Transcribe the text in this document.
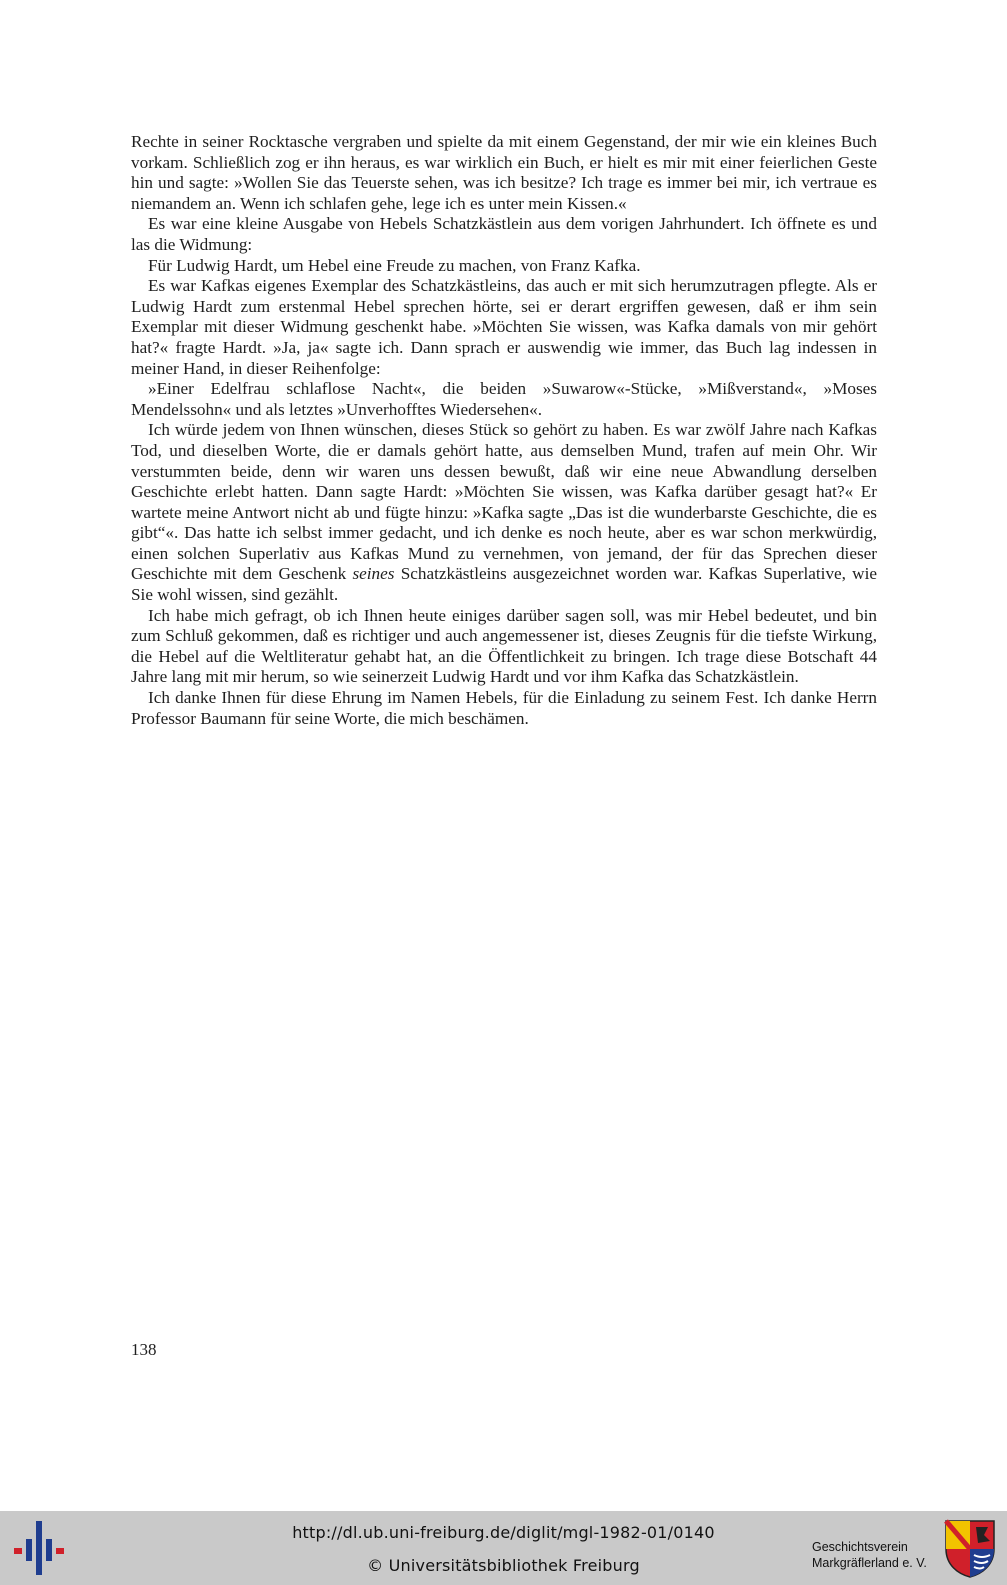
Rechte in seiner Rocktasche vergraben und spielte da mit einem Gegenstand, der mir wie ein kleines Buch vorkam. Schließlich zog er ihn heraus, es war wirklich ein Buch, er hielt es mir mit einer feierlichen Geste hin und sagte: »Wollen Sie das Teuerste sehen, was ich besitze? Ich trage es immer bei mir, ich vertraue es niemandem an. Wenn ich schlafen gehe, lege ich es unter mein Kissen.«

Es war eine kleine Ausgabe von Hebels Schatzkästlein aus dem vorigen Jahrhundert. Ich öffnete es und las die Widmung:

Für Ludwig Hardt, um Hebel eine Freude zu machen, von Franz Kafka.

Es war Kafkas eigenes Exemplar des Schatzkästleins, das auch er mit sich herumzutragen pflegte. Als er Ludwig Hardt zum erstenmal Hebel sprechen hörte, sei er derart ergriffen gewesen, daß er ihm sein Exemplar mit dieser Widmung geschenkt habe. »Möchten Sie wissen, was Kafka damals von mir gehört hat?« fragte Hardt. »Ja, ja« sagte ich. Dann sprach er auswendig wie immer, das Buch lag indessen in meiner Hand, in dieser Reihenfolge:

»Einer Edelfrau schlaflose Nacht«, die beiden »Suwarow«-Stücke, »Mißverstand«, »Moses Mendelssohn« und als letztes »Unverhofftes Wiedersehen«.

Ich würde jedem von Ihnen wünschen, dieses Stück so gehört zu haben. Es war zwölf Jahre nach Kafkas Tod, und dieselben Worte, die er damals gehört hatte, aus demselben Mund, trafen auf mein Ohr. Wir verstummten beide, denn wir waren uns dessen bewußt, daß wir eine neue Abwandlung derselben Geschichte erlebt hatten. Dann sagte Hardt: »Möchten Sie wissen, was Kafka darüber gesagt hat?« Er wartete meine Antwort nicht ab und fügte hinzu: »Kafka sagte „Das ist die wunderbarste Geschichte, die es gibt“«. Das hatte ich selbst immer gedacht, und ich denke es noch heute, aber es war schon merkwürdig, einen solchen Superlativ aus Kafkas Mund zu vernehmen, von jemand, der für das Sprechen dieser Geschichte mit dem Geschenk seines Schatzkästleins ausgezeichnet worden war. Kafkas Superlative, wie Sie wohl wissen, sind gezählt.

Ich habe mich gefragt, ob ich Ihnen heute einiges darüber sagen soll, was mir Hebel bedeutet, und bin zum Schluß gekommen, daß es richtiger und auch angemessener ist, dieses Zeugnis für die tiefste Wirkung, die Hebel auf die Weltliteratur gehabt hat, an die Öffentlichkeit zu bringen. Ich trage diese Botschaft 44 Jahre lang mit mir herum, so wie seinerzeit Ludwig Hardt und vor ihm Kafka das Schatzkästlein.

Ich danke Ihnen für diese Ehrung im Namen Hebels, für die Einladung zu seinem Fest. Ich danke Herrn Professor Baumann für seine Worte, die mich beschämen.

138
http://dl.ub.uni-freiburg.de/diglit/mgl-1982-01/0140
© Universitätsbibliothek Freiburg
Geschichtsverein
Markgräflerland e. V.
